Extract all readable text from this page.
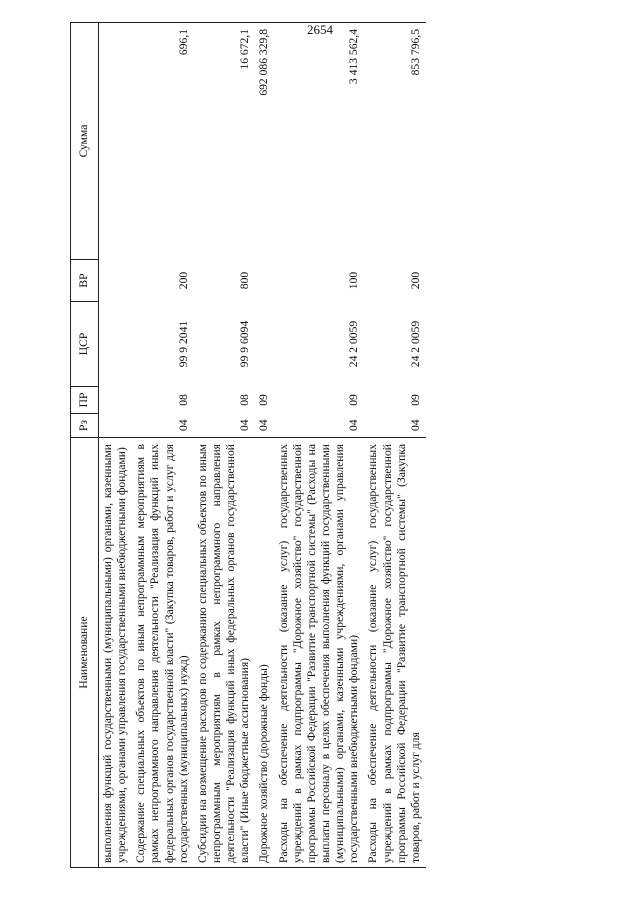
2654
Наименование	Рз	ПР	ЦСР	ВР	Сумма
выполнения функций государственными (муниципальными) органами, казенными учреждениями, органами управления государственными внебюджетными фондами)					
Содержание специальных объектов по иным непрограммным мероприятиям в рамках непрограммного направления деятельности "Реализация функций иных федеральных органов государственной власти" (Закупка товаров, работ и услуг для государственных (муниципальных) нужд)	04	08	99 9 2041	200	696,1
Субсидии на возмещение расходов по содержанию специальных объектов по иным непрограммным мероприятиям в рамках непрограммного направления деятельности "Реализация функций иных федеральных органов государственной власти" (Иные бюджетные ассигнования)	04	08	99 9 6094	800	16 672,1
Дорожное хозяйство (дорожные фонды)	04	09			692 086 329,8
Расходы на обеспечение деятельности (оказание услуг) государственных учреждений в рамках подпрограммы "Дорожное хозяйство" государственной программы Российской Федерации "Развитие транспортной системы" (Расходы на выплаты персоналу в целях обеспечения выполнения функций государственными (муниципальными) органами, казенными учреждениями, органами управления государственными внебюджетными фондами)	04	09	24 2 0059	100	3 413 562,4
Расходы на обеспечение деятельности (оказание услуг) государственных учреждений в рамках подпрограммы "Дорожное хозяйство" государственной программы Российской Федерации "Развитие транспортной системы" (Закупка товаров, работ и услуг для	04	09	24 2 0059	200	853 796,5
